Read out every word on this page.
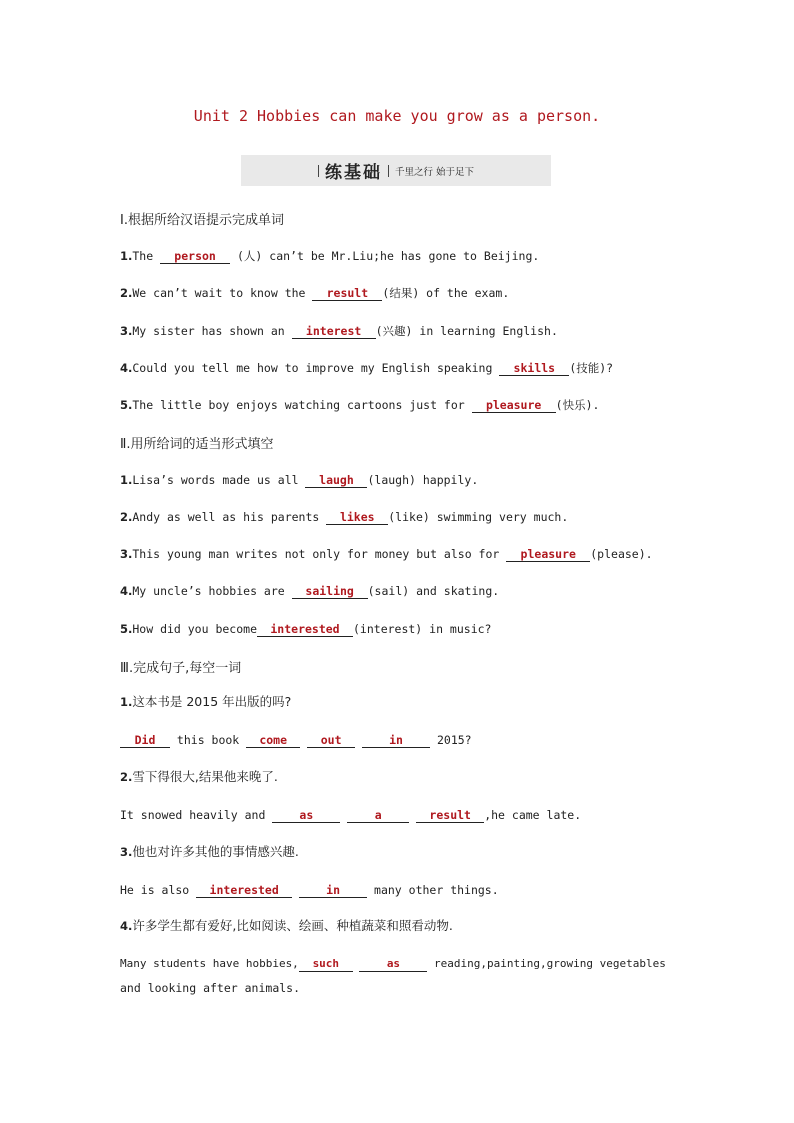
Unit 2 Hobbies can make you grow as a person.
练基础 千里之行 始于足下
Ⅰ.根据所给汉语提示完成单词
1.The person (人) can’t be Mr.Liu;he has gone to Beijing.
2.We can’t wait to know the result (结果) of the exam.
3.My sister has shown an interest (兴趣) in learning English.
4.Could you tell me how to improve my English speaking skills (技能)?
5.The little boy enjoys watching cartoons just for pleasure (快乐).
Ⅱ.用所给词的适当形式填空
1.Lisa’s words made us all laugh (laugh) happily.
2.Andy as well as his parents likes (like) swimming very much.
3.This young man writes not only for money but also for pleasure (please).
4.My uncle’s hobbies are sailing (sail) and skating.
5.How did you become interested (interest) in music?
Ⅲ.完成句子,每空一词
1.这本书是 2015 年出版的吗?
Did this book come	out	in 2015?
2.雪下得很大,结果他来晚了.
It snowed heavily and as	a	result ,he came late.
3.他也对许多其他的事情感兴趣.
He is also interested	in many other things.
4.许多学生都有爱好,比如阅读、绘画、种植蔬菜和照看动物.
Many students have hobbies, such	as reading,painting,growing vegetables
and looking after animals.
